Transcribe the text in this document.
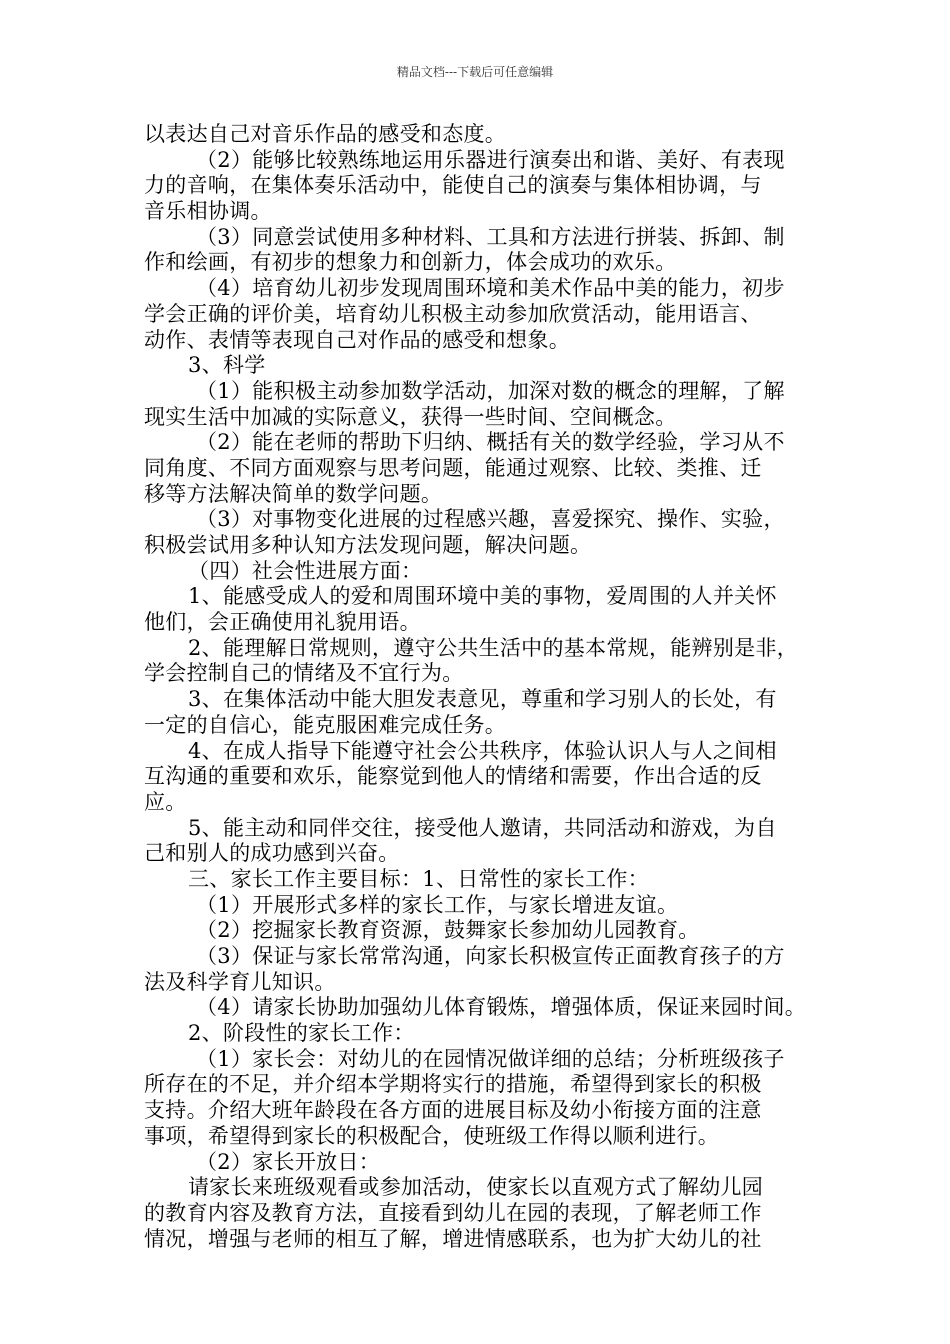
精品文档---下载后可任意编辑
以表达自己对音乐作品的感受和态度。
（2）能够比较熟练地运用乐器进行演奏出和谐、美好、有表现
力的音响，在集体奏乐活动中，能使自己的演奏与集体相协调，与
音乐相协调。
（3）同意尝试使用多种材料、工具和方法进行拼装、拆卸、制
作和绘画，有初步的想象力和创新力，体会成功的欢乐。
（4）培育幼儿初步发现周围环境和美术作品中美的能力，初步
学会正确的评价美，培育幼儿积极主动参加欣赏活动，能用语言、
动作、表情等表现自己对作品的感受和想象。
3、科学
（1）能积极主动参加数学活动，加深对数的概念的理解，了解
现实生活中加减的实际意义，获得一些时间、空间概念。
（2）能在老师的帮助下归纳、概括有关的数学经验，学习从不
同角度、不同方面观察与思考问题，能通过观察、比较、类推、迁
移等方法解决简单的数学问题。
（3）对事物变化进展的过程感兴趣，喜爱探究、操作、实验，
积极尝试用多种认知方法发现问题，解决问题。
（四）社会性进展方面：
1、能感受成人的爱和周围环境中美的事物，爱周围的人并关怀
他们，会正确使用礼貌用语。
2、能理解日常规则，遵守公共生活中的基本常规，能辨别是非，
学会控制自己的情绪及不宜行为。
3、在集体活动中能大胆发表意见，尊重和学习别人的长处，有
一定的自信心，能克服困难完成任务。
4、在成人指导下能遵守社会公共秩序，体验认识人与人之间相
互沟通的重要和欢乐，能察觉到他人的情绪和需要，作出合适的反
应。
5、能主动和同伴交往，接受他人邀请，共同活动和游戏，为自
己和别人的成功感到兴奋。
三、家长工作主要目标：1、日常性的家长工作：
（1）开展形式多样的家长工作，与家长增进友谊。
（2）挖掘家长教育资源，鼓舞家长参加幼儿园教育。
（3）保证与家长常常沟通，向家长积极宣传正面教育孩子的方
法及科学育儿知识。
（4）请家长协助加强幼儿体育锻炼，增强体质，保证来园时间。
2、阶段性的家长工作：
（1）家长会：对幼儿的在园情况做详细的总结；分析班级孩子
所存在的不足，并介绍本学期将实行的措施，希望得到家长的积极
支持。介绍大班年龄段在各方面的进展目标及幼小衔接方面的注意
事项，希望得到家长的积极配合，使班级工作得以顺利进行。
（2）家长开放日：
请家长来班级观看或参加活动，使家长以直观方式了解幼儿园
的教育内容及教育方法，直接看到幼儿在园的表现，了解老师工作
情况，增强与老师的相互了解，增进情感联系，也为扩大幼儿的社
